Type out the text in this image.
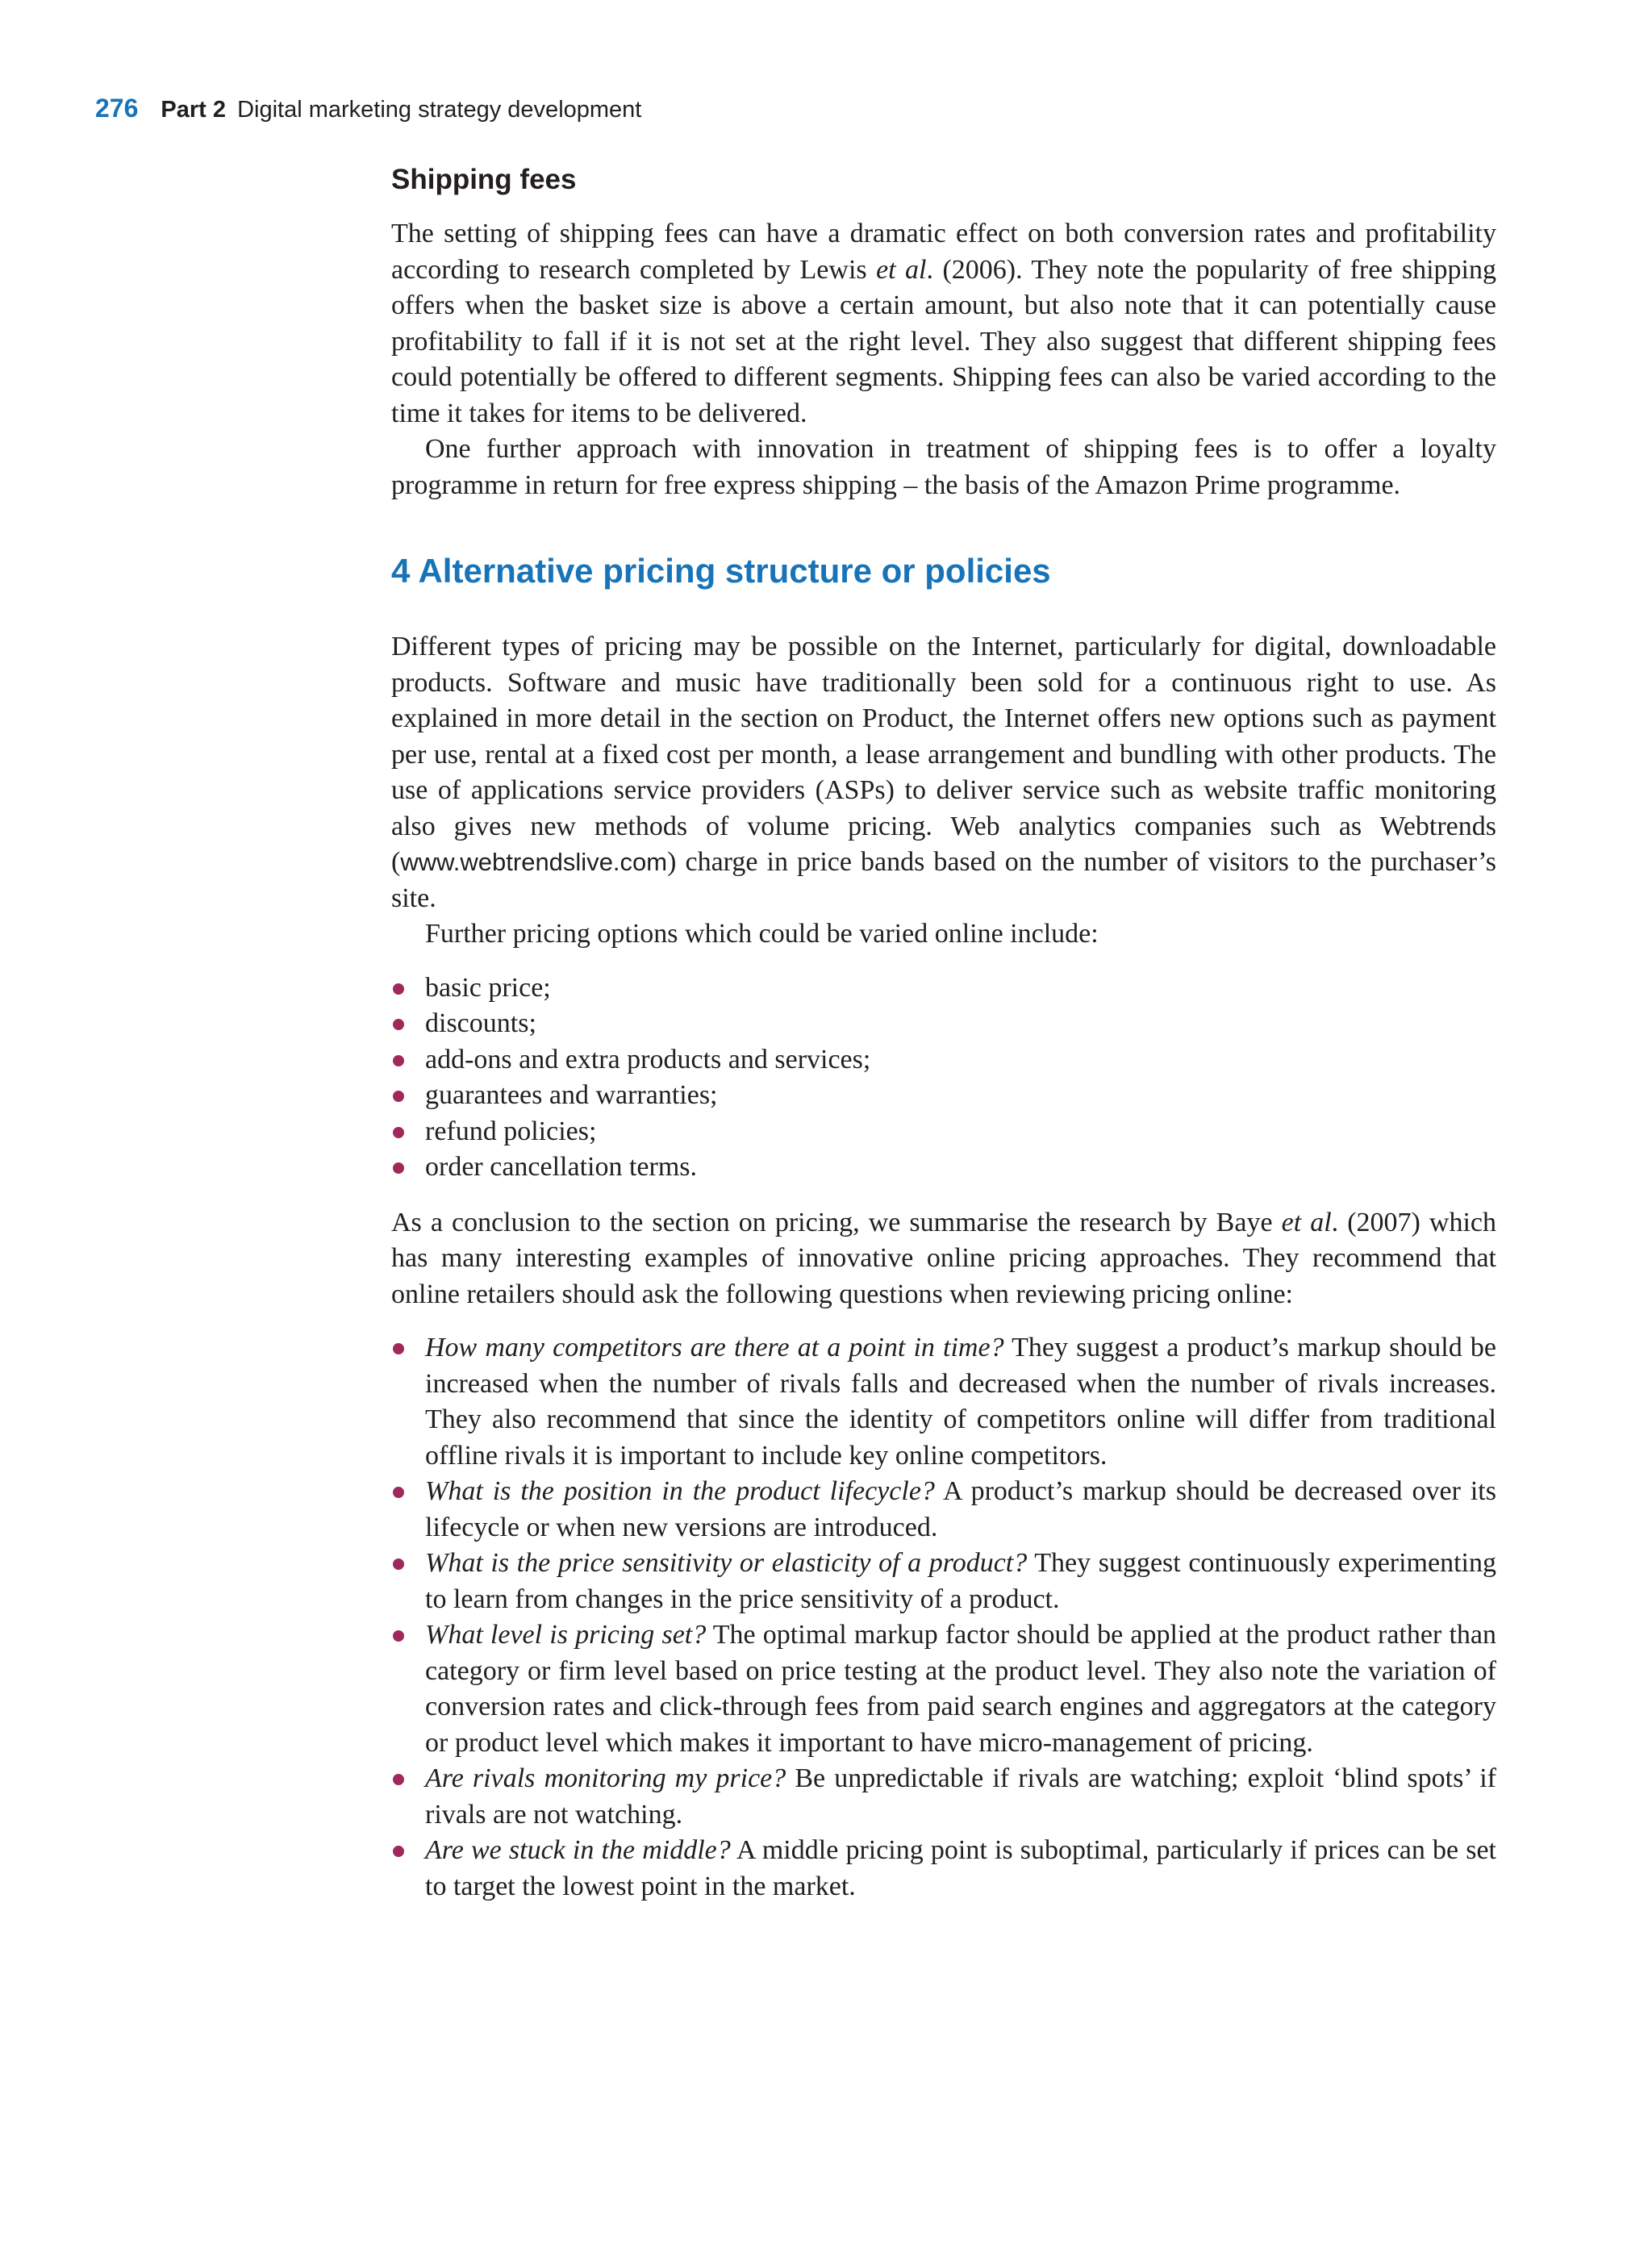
276 Part 2 Digital marketing strategy development
Shipping fees

The setting of shipping fees can have a dramatic effect on both conversion rates and profitability according to research completed by Lewis et al. (2006). They note the popularity of free shipping offers when the basket size is above a certain amount, but also note that it can potentially cause profitability to fall if it is not set at the right level. They also suggest that different shipping fees could potentially be offered to different segments. Shipping fees can also be varied according to the time it takes for items to be delivered.

One further approach with innovation in treatment of shipping fees is to offer a loyalty programme in return for free express shipping – the basis of the Amazon Prime programme.

4 Alternative pricing structure or policies

Different types of pricing may be possible on the Internet, particularly for digital, downloadable products. Software and music have traditionally been sold for a continuous right to use. As explained in more detail in the section on Product, the Internet offers new options such as payment per use, rental at a fixed cost per month, a lease arrangement and bundling with other products. The use of applications service providers (ASPs) to deliver service such as website traffic monitoring also gives new methods of volume pricing. Web analytics companies such as Webtrends (www.webtrendslive.com) charge in price bands based on the number of visitors to the purchaser’s site.

Further pricing options which could be varied online include:

basic price;
discounts;
add-ons and extra products and services;
guarantees and warranties;
refund policies;
order cancellation terms.

As a conclusion to the section on pricing, we summarise the research by Baye et al. (2007) which has many interesting examples of innovative online pricing approaches. They recommend that online retailers should ask the following questions when reviewing pricing online:

How many competitors are there at a point in time? They suggest a product’s markup should be increased when the number of rivals falls and decreased when the number of rivals increases. They also recommend that since the identity of competitors online will differ from traditional offline rivals it is important to include key online competitors.
What is the position in the product lifecycle? A product’s markup should be decreased over its lifecycle or when new versions are introduced.
What is the price sensitivity or elasticity of a product? They suggest continuously experimenting to learn from changes in the price sensitivity of a product.
What level is pricing set? The optimal markup factor should be applied at the product rather than category or firm level based on price testing at the product level. They also note the variation of conversion rates and click-through fees from paid search engines and aggregators at the category or product level which makes it important to have micro-management of pricing.
Are rivals monitoring my price? Be unpredictable if rivals are watching; exploit ‘blind spots’ if rivals are not watching.
Are we stuck in the middle? A middle pricing point is suboptimal, particularly if prices can be set to target the lowest point in the market.
